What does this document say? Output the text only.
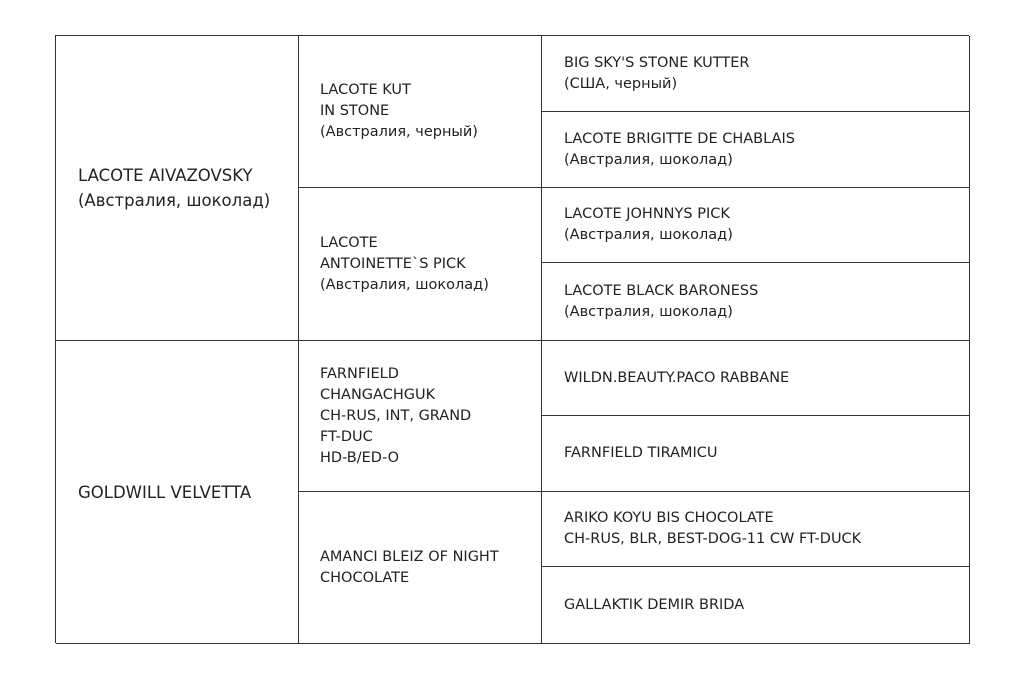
LACOTE AIVAZOVSKY
(Австралия, шоколад)
GOLDWILL VELVETTA
LACOTE KUT
IN STONE
(Австралия, черный)
LACOTE
ANTOINETTE`S PICK
(Австралия, шоколад)
FARNFIELD
CHANGACHGUK
CH-RUS, INT, GRAND
FT-DUC
HD-B/ED-O
AMANCI BLEIZ OF NIGHT
CHOCOLATE
BIG SKY'S STONE KUTTER
(США, черный)
LACOTE BRIGITTE DE CHABLAIS
(Австралия, шоколад)
LACOTE JOHNNYS PICK
(Австралия, шоколад)
LACOTE BLACK BARONESS
(Австралия, шоколад)
WILDN.BEAUTY.PACO RABBANE
FARNFIELD TIRAMICU
ARIKO KOYU BIS CHOCOLATE
CH-RUS, BLR, BEST-DOG-11 CW FT-DUCK
GALLAKTIK DEMIR BRIDA
